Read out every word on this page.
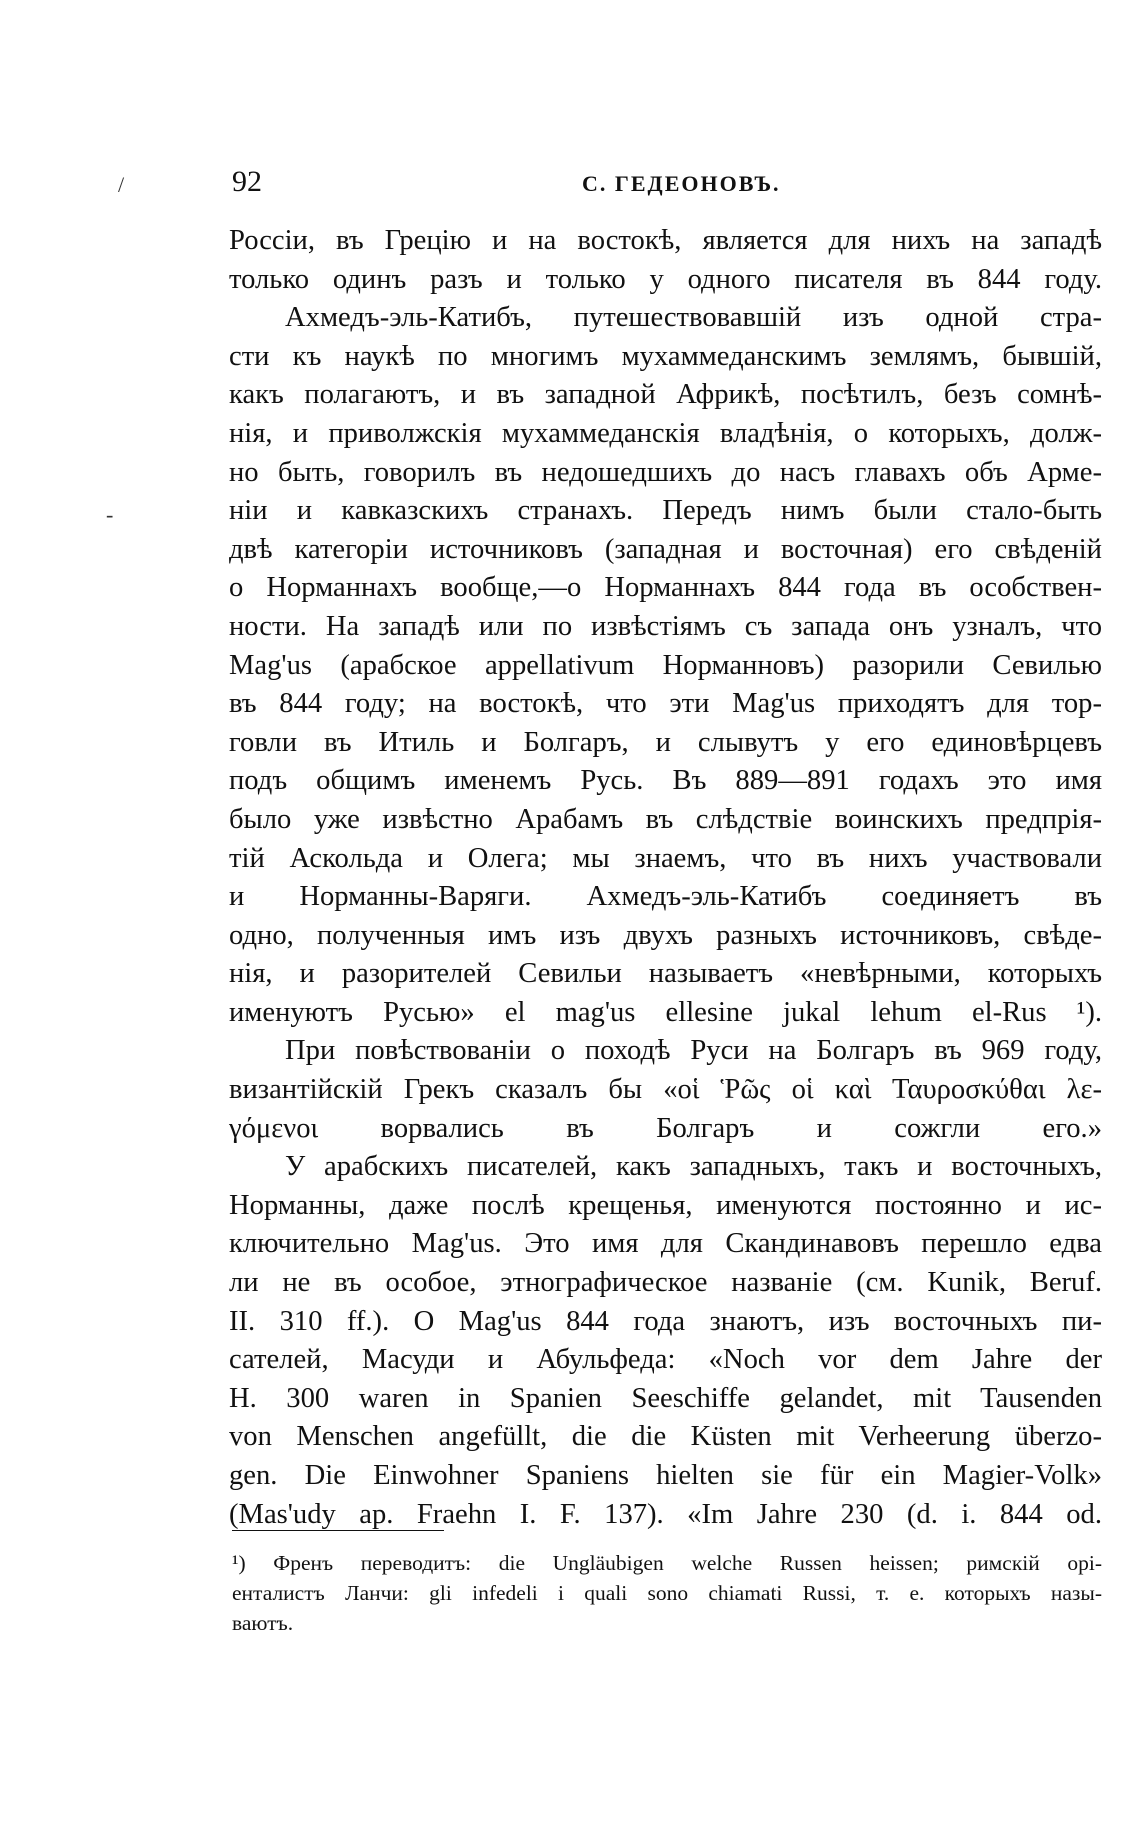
92	С. ГЕДЕОНОВЪ.
/
-

Россіи, въ Грецію и на востокѣ, является для нихъ на западѣ
только одинъ разъ и только у одного писателя въ 844 году.

Ахмедъ-эль-Катибъ, путешествовавшій изъ одной стра-
сти къ наукѣ по многимъ мухаммеданскимъ землямъ, бывшій,
какъ полагаютъ, и въ западной Африкѣ, посѣтилъ, безъ сомнѣ-
нія, и приволжскія мухаммеданскія владѣнія, о которыхъ, долж-
но быть, говорилъ въ недошедшихъ до насъ главахъ объ Арме-
ніи и кавказскихъ странахъ. Передъ нимъ были стало-быть
двѣ категоріи источниковъ (западная и восточная) его свѣдeній
о Норманнахъ вообще,—о Норманнахъ 844 года въ особствен-
ности. На западѣ или по извѣстіямъ съ запада онъ узналъ, что
Mag'us (арабское appellativum Норманновъ) разорили Севилью
въ 844 году; на востокѣ, что эти Mag'us приходятъ для тор-
говли въ Итиль и Болгаръ, и слывутъ у его единовѣрцевъ
подъ общимъ именемъ Русь. Въ 889—891 годахъ это имя
было уже извѣстно Арабамъ въ слѣдствіе воинскихъ предпрія-
тій Аскольда и Олега; мы знаемъ, что въ нихъ участвовали
и Норманны-Варяги. Ахмедъ-эль-Катибъ соединяетъ въ
одно, полученныя имъ изъ двухъ разныхъ источниковъ, свѣде-
нія, и разорителей Севильи называетъ «невѣрными, которыхъ
именуютъ Русью» el mag'us ellesine jukal lehum el-Rus ¹).

При повѣствованіи о походѣ Руси на Болгаръ въ 969 году,
византійскій Грекъ сказалъ бы «οἱ Ῥῶς οἱ καὶ Ταυροσκύθαι λε-
γόμενοι ворвались въ Болгаръ и сожгли его.»

У арабскихъ писателей, какъ западныхъ, такъ и восточныхъ,
Норманны, даже послѣ крещенья, именуются постоянно и ис-
ключительно Mag'us. Это имя для Скандинавовъ перешло едва
ли не въ особое, этнографическое названіе (см. Kunik, Beruf.
II. 310 ff.). О Mag'us 844 года знаютъ, изъ восточныхъ пи-
сателей, Масуди и Абульфеда: «Noch vor dem Jahre der
H. 300 waren in Spanien Seeschiffe gelandet, mit Tausenden
von Menschen angefüllt, die die Küsten mit Verheerung überzo-
gen. Die Einwohner Spaniens hielten sie für ein Magier-Volk»
(Mas'udy ap. Fraehn I. F. 137). «Im Jahre 230 (d. i. 844 od.

¹) Френъ переводитъ: die Ungläubigen welche Russen heissen; римскій орі-
енталистъ Ланчи: gli infedeli i quali sono chiamati Russi, т. е. которыхъ назы-
ваютъ.
